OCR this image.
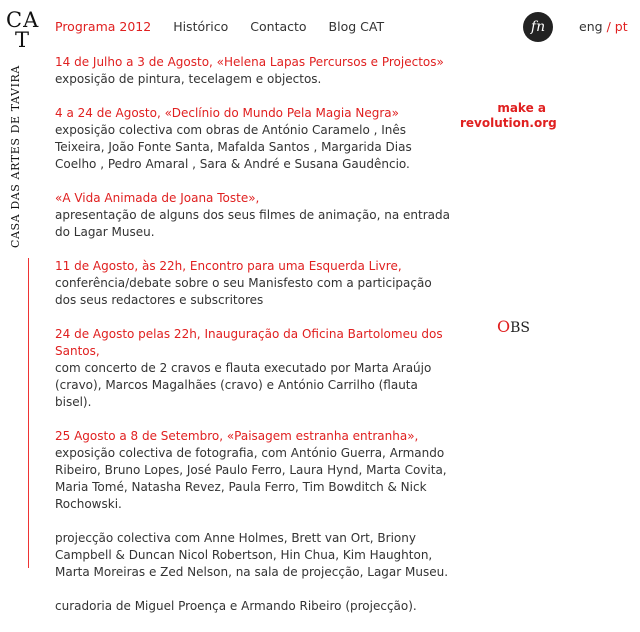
CA
T
CASA DAS ARTES DE TAVIRA
Programa 2012 Histórico Contacto Blog CAT	fn	eng / pt
make a
revolution.org
OBS
14 de Julho a 3 de Agosto, «Helena Lapas Percursos e Projectos»
exposição de pintura, tecelagem e objectos.
4 a 24 de Agosto, «Declínio do Mundo Pela Magia Negra»
exposição colectiva com obras de António Caramelo , Inês Teixeira, João Fonte Santa, Mafalda Santos , Margarida Dias Coelho , Pedro Amaral , Sara & André e Susana Gaudêncio.
«A Vida Animada de Joana Toste»,
apresentação de alguns dos seus filmes de animação, na entrada do Lagar Museu.
11 de Agosto, às 22h, Encontro para uma Esquerda Livre,
conferência/debate sobre o seu Manisfesto com a participação dos seus redactores e subscritores
24 de Agosto pelas 22h, Inauguração da Oficina Bartolomeu dos Santos,
com concerto de 2 cravos e flauta executado por Marta Araújo (cravo), Marcos Magalhães (cravo) e António Carrilho (flauta bisel).
25 Agosto a 8 de Setembro, «Paisagem estranha entranha»,
exposição colectiva de fotografia, com António Guerra, Armando Ribeiro, Bruno Lopes, José Paulo Ferro, Laura Hynd, Marta Covita, Maria Tomé, Natasha Revez, Paula Ferro, Tim Bowditch & Nick Rochowski.
projecção colectiva com Anne Holmes, Brett van Ort, Briony Campbell & Duncan Nicol Robertson, Hin Chua, Kim Haughton, Marta Moreiras e Zed Nelson, na sala de projecção, Lagar Museu.
curadoria de Miguel Proença e Armando Ribeiro (projecção).
